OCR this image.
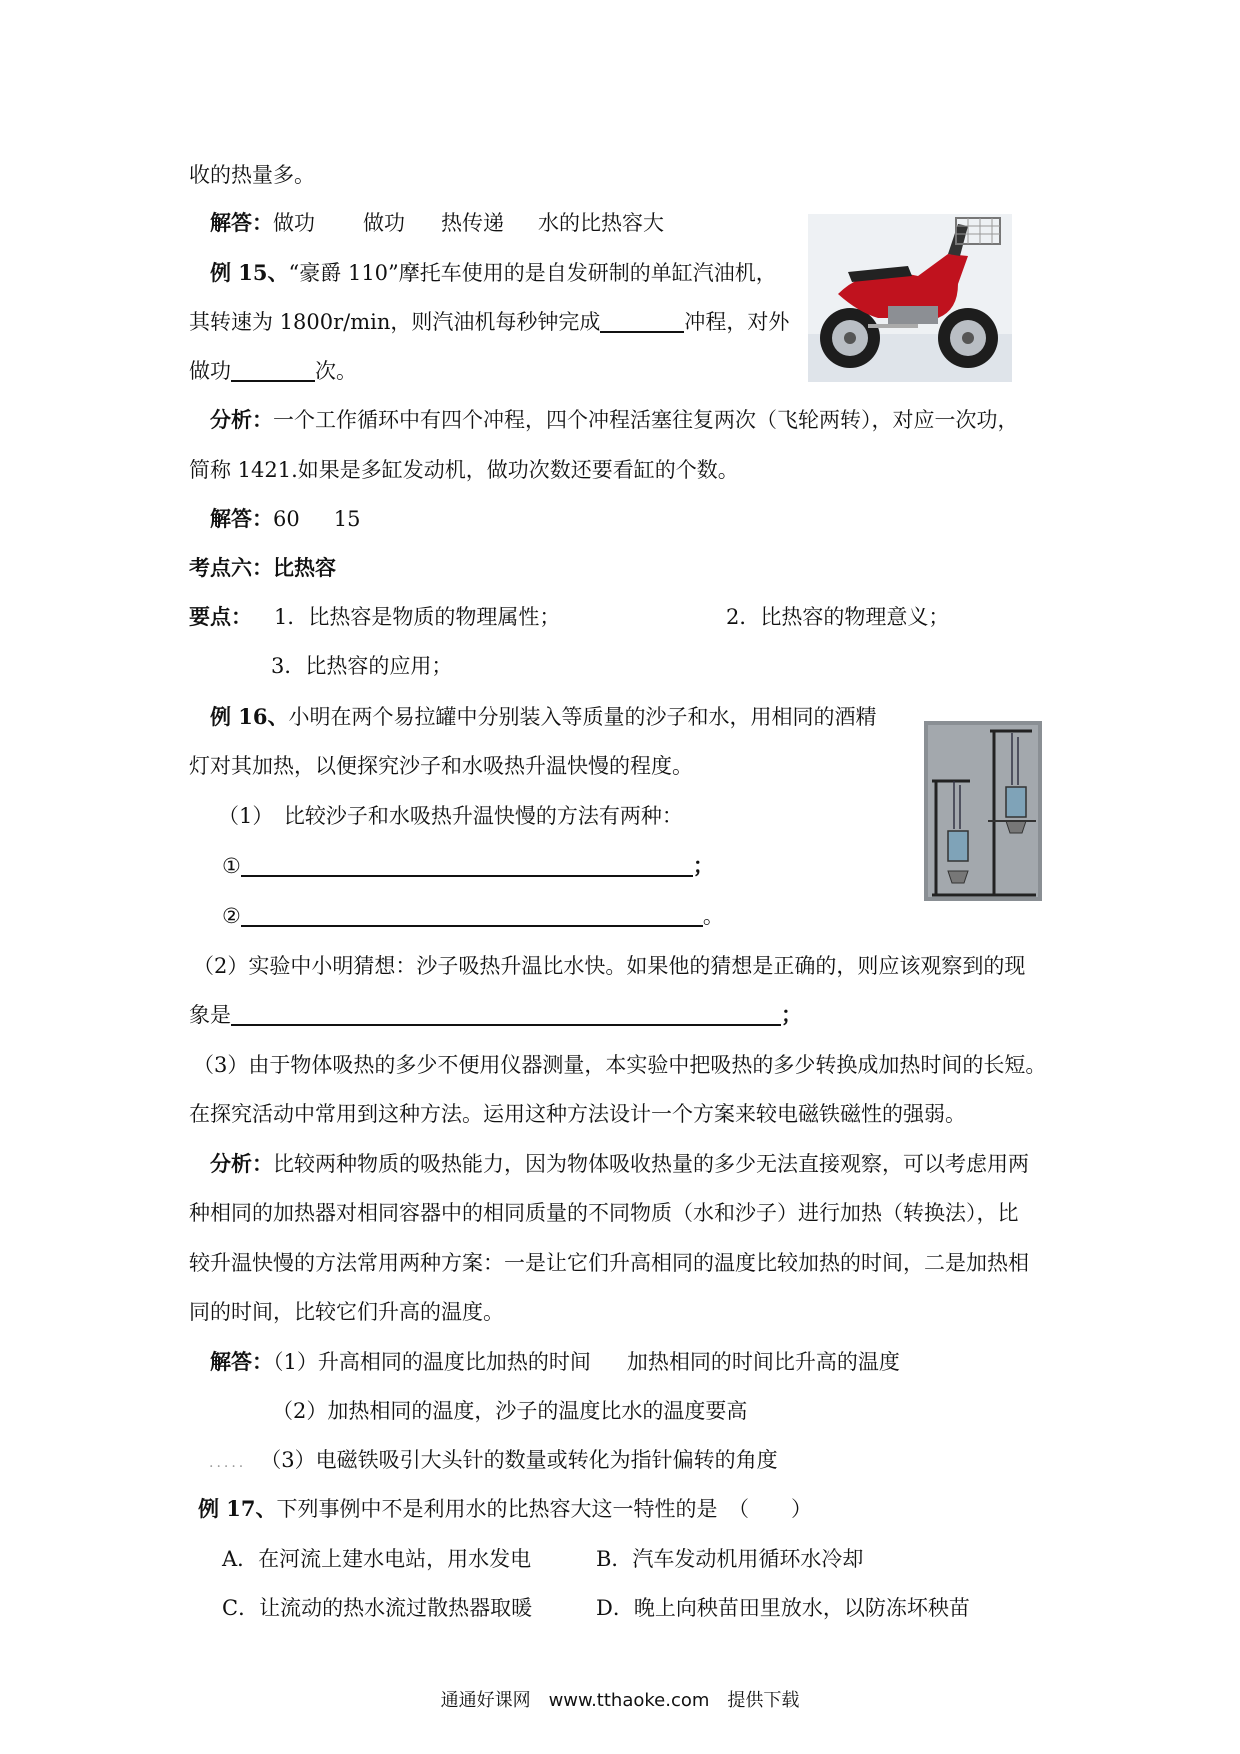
收的热量多。
解答：做功 做功 热传递 水的比热容大
例 15、“豪爵 110”摩托车使用的是自发研制的单缸汽油机，
其转速为 1800r/min，则汽油机每秒钟完成	冲程，对外
做功	次。
分析：一个工作循环中有四个冲程，四个冲程活塞往复两次（飞轮两转），对应一次功，
简称 1421.如果是多缸发动机，做功次数还要看缸的个数。
解答：60 15
考点六：比热容
要点： 1．比热容是物质的物理属性；	2．比热容的物理意义；
3．比热容的应用；
例 16、小明在两个易拉罐中分别装入等质量的沙子和水，用相同的酒精
灯对其加热，以便探究沙子和水吸热升温快慢的程度。
（1）　比较沙子和水吸热升温快慢的方法有两种：
①	；
②	。
（2）实验中小明猜想：沙子吸热升温比水快。如果他的猜想是正确的，则应该观察到的现
象是	；
（3）由于物体吸热的多少不便用仪器测量，本实验中把吸热的多少转换成加热时间的长短。
在探究活动中常用到这种方法。运用这种方法设计一个方案来较电磁铁磁性的强弱。
分析：比较两种物质的吸热能力，因为物体吸收热量的多少无法直接观察，可以考虑用两
种相同的加热器对相同容器中的相同质量的不同物质（水和沙子）进行加热（转换法），比
较升温快慢的方法常用两种方案：一是让它们升高相同的温度比较加热的时间，二是加热相
同的时间，比较它们升高的温度。
解答：（1）升高相同的温度比加热的时间 加热相同的时间比升高的温度
（2）加热相同的温度，沙子的温度比水的温度要高
..... （3）电磁铁吸引大头针的数量或转化为指针偏转的角度
例 17、下列事例中不是利用水的比热容大这一特性的是　（　　）
A．在河流上建水电站，用水发电	B．汽车发动机用循环水冷却
C．让流动的热水流过散热器取暖	D．晚上向秧苗田里放水，以防冻坏秧苗
通通好课网　www.tthaoke.com　提供下载
